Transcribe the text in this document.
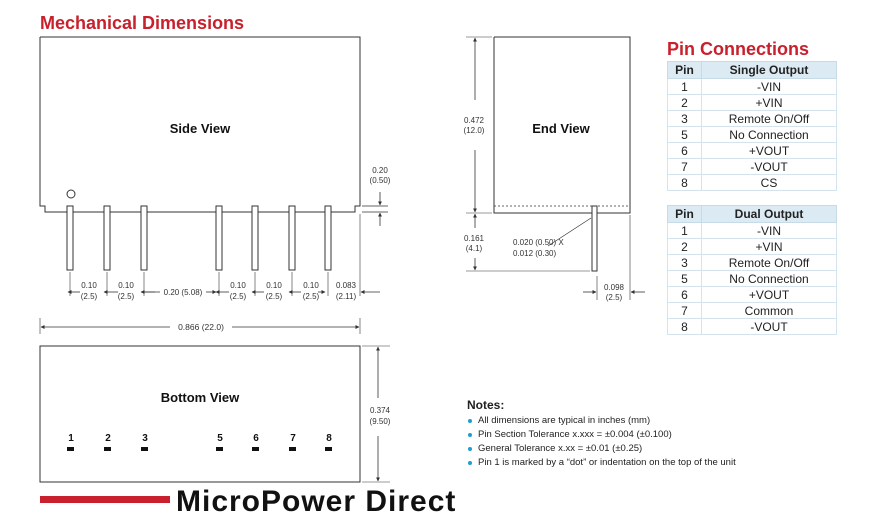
Mechanical Dimensions
Pin Connections
Side View
0.20
(0.50)
0.10
(2.5)
0.10
(2.5)	0.20 (5.08)
0.10
(2.5)
0.10
(2.5)
0.10
(2.5)
0.083
(2.11)
0.866 (22.0)
End View
0.472
(12.0)
0.161
(4.1)
0.020 (0.50) X
0.012 (0.30)
0.098
(2.5)
Bottom View
1	2	3	5	6	7	8
0.374
(9.50)
Pin	Single Output
1	-VIN
2	+VIN
3	Remote On/Off
5	No Connection
6	+VOUT
7	-VOUT
8	CS
Pin	Dual Output
1	-VIN
2	+VIN
3	Remote On/Off
5	No Connection
6	+VOUT
7	Common
8	-VOUT
Notes:
All dimensions are typical in inches (mm)
Pin Section Tolerance x.xxx = ±0.004 (±0.100)
General Tolerance x.xx = ±0.01 (±0.25)
Pin 1 is marked by a “dot” or indentation on the top of the unit
MicroPower Direct
